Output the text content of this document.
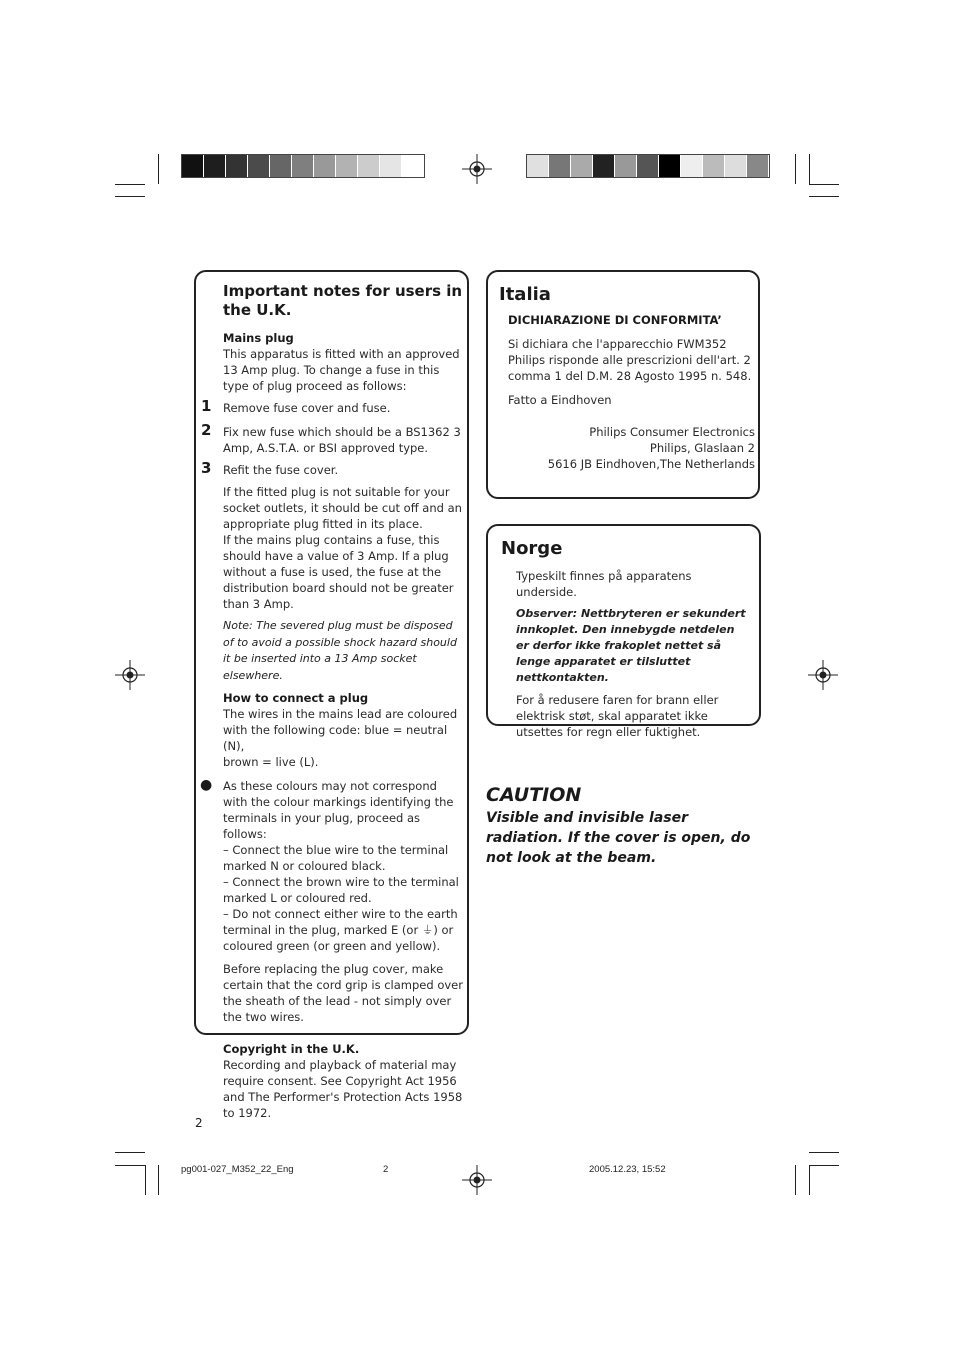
Important notes for users in the U.K.

Mains plug

This apparatus is fitted with an approved 13 Amp plug. To change a fuse in this type of plug proceed as follows:

1 Remove fuse cover and fuse.

2 Fix new fuse which should be a BS1362 3 Amp, A.S.T.A. or BSI approved type.

3 Refit the fuse cover.

If the fitted plug is not suitable for your socket outlets, it should be cut off and an appropriate plug fitted in its place.

If the mains plug contains a fuse, this should have a value of 3 Amp. If a plug without a fuse is used, the fuse at the distribution board should not be greater than 3 Amp.

Note: The severed plug must be disposed of to avoid a possible shock hazard should it be inserted into a 13 Amp socket elsewhere.

How to connect a plug

The wires in the mains lead are coloured with the following code: blue = neutral (N),

brown = live (L).

● As these colours may not correspond with the colour markings identifying the terminals in your plug, proceed as follows:

– Connect the blue wire to the terminal marked N or coloured black.

– Connect the brown wire to the terminal marked L or coloured red.

– Do not connect either wire to the earth terminal in the plug, marked E (or ⏚) or coloured green (or green and yellow).

Before replacing the plug cover, make certain that the cord grip is clamped over the sheath of the lead - not simply over the two wires.

Copyright in the U.K.

Recording and playback of material may require consent. See Copyright Act 1956 and The Performer's Protection Acts 1958 to 1972.

Italia

DICHIARAZIONE DI CONFORMITA’

Si dichiara che l'apparecchio FWM352 Philips risponde alle prescrizioni dell'art. 2 comma 1 del D.M. 28 Agosto 1995 n. 548.

Fatto a Eindhoven

Philips Consumer Electronics

Philips, Glaslaan 2

5616 JB Eindhoven,The Netherlands

Norge

Typeskilt finnes på apparatens underside.

Observer: Nettbryteren er sekundert innkoplet. Den innebygde netdelen er derfor ikke frakoplet nettet så lenge apparatet er tilsluttet nettkontakten.

For å redusere faren for brann eller elektrisk støt, skal apparatet ikke utsettes for regn eller fuktighet.

CAUTION

Visible and invisible laser radiation. If the cover is open, do not look at the beam.

2
pg001-027_M352_22_Eng	2	2005.12.23, 15:52
